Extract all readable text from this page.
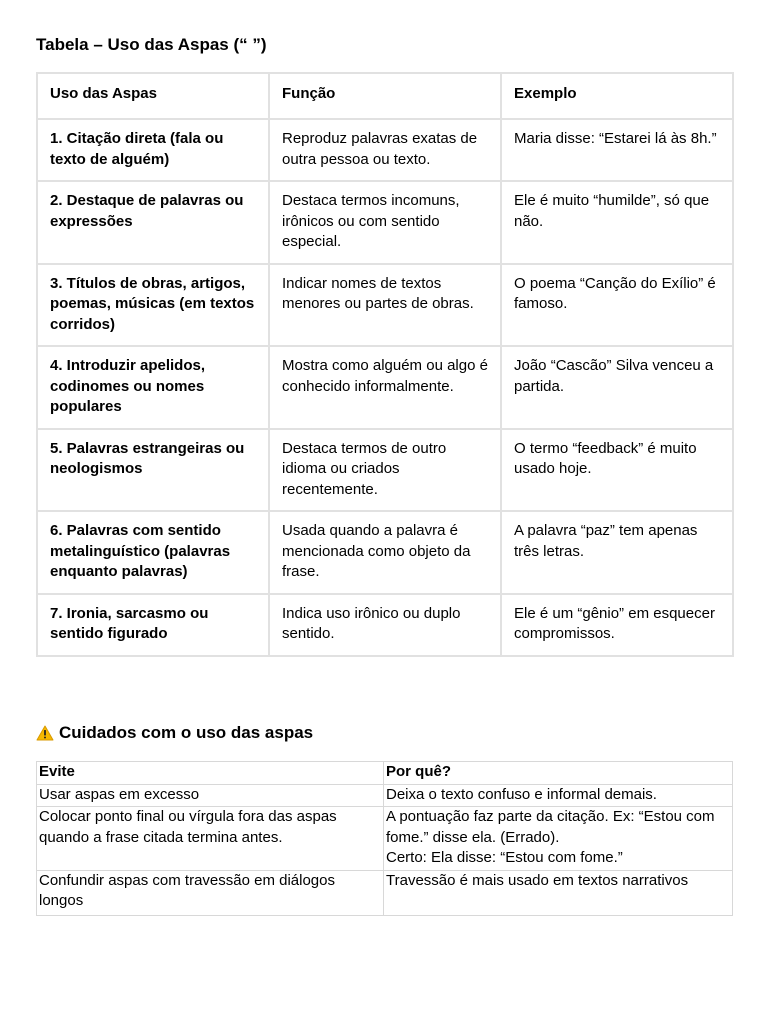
Tabela – Uso das Aspas (“ ”)
Uso das Aspas	Função	Exemplo
1. Citação direta (fala ou texto de alguém)	Reproduz palavras exatas de outra pessoa ou texto.	Maria disse: “Estarei lá às 8h.”
2. Destaque de palavras ou expressões	Destaca termos incomuns, irônicos ou com sentido especial.	Ele é muito “humilde”, só que não.
3. Títulos de obras, artigos, poemas, músicas (em textos corridos)	Indicar nomes de textos menores ou partes de obras.	O poema “Canção do Exílio” é famoso.
4. Introduzir apelidos, codinomes ou nomes populares	Mostra como alguém ou algo é conhecido informalmente.	João “Cascão” Silva venceu a partida.
5. Palavras estrangeiras ou neologismos	Destaca termos de outro idioma ou criados recentemente.	O termo “feedback” é muito usado hoje.
6. Palavras com sentido metalinguístico (palavras enquanto palavras)	Usada quando a palavra é mencionada como objeto da frase.	A palavra “paz” tem apenas três letras.
7. Ironia, sarcasmo ou sentido figurado	Indica uso irônico ou duplo sentido.	Ele é um “gênio” em esquecer compromissos.
Cuidados com o uso das aspas
Evite	Por quê?
Usar aspas em excesso	Deixa o texto confuso e informal demais.
Colocar ponto final ou vírgula fora das aspas quando a frase citada termina antes.	A pontuação faz parte da citação. Ex: “Estou com fome.” disse ela. (Errado).
Certo: Ela disse: “Estou com fome.”
Confundir aspas com travessão em diálogos longos	Travessão é mais usado em textos narrativos
